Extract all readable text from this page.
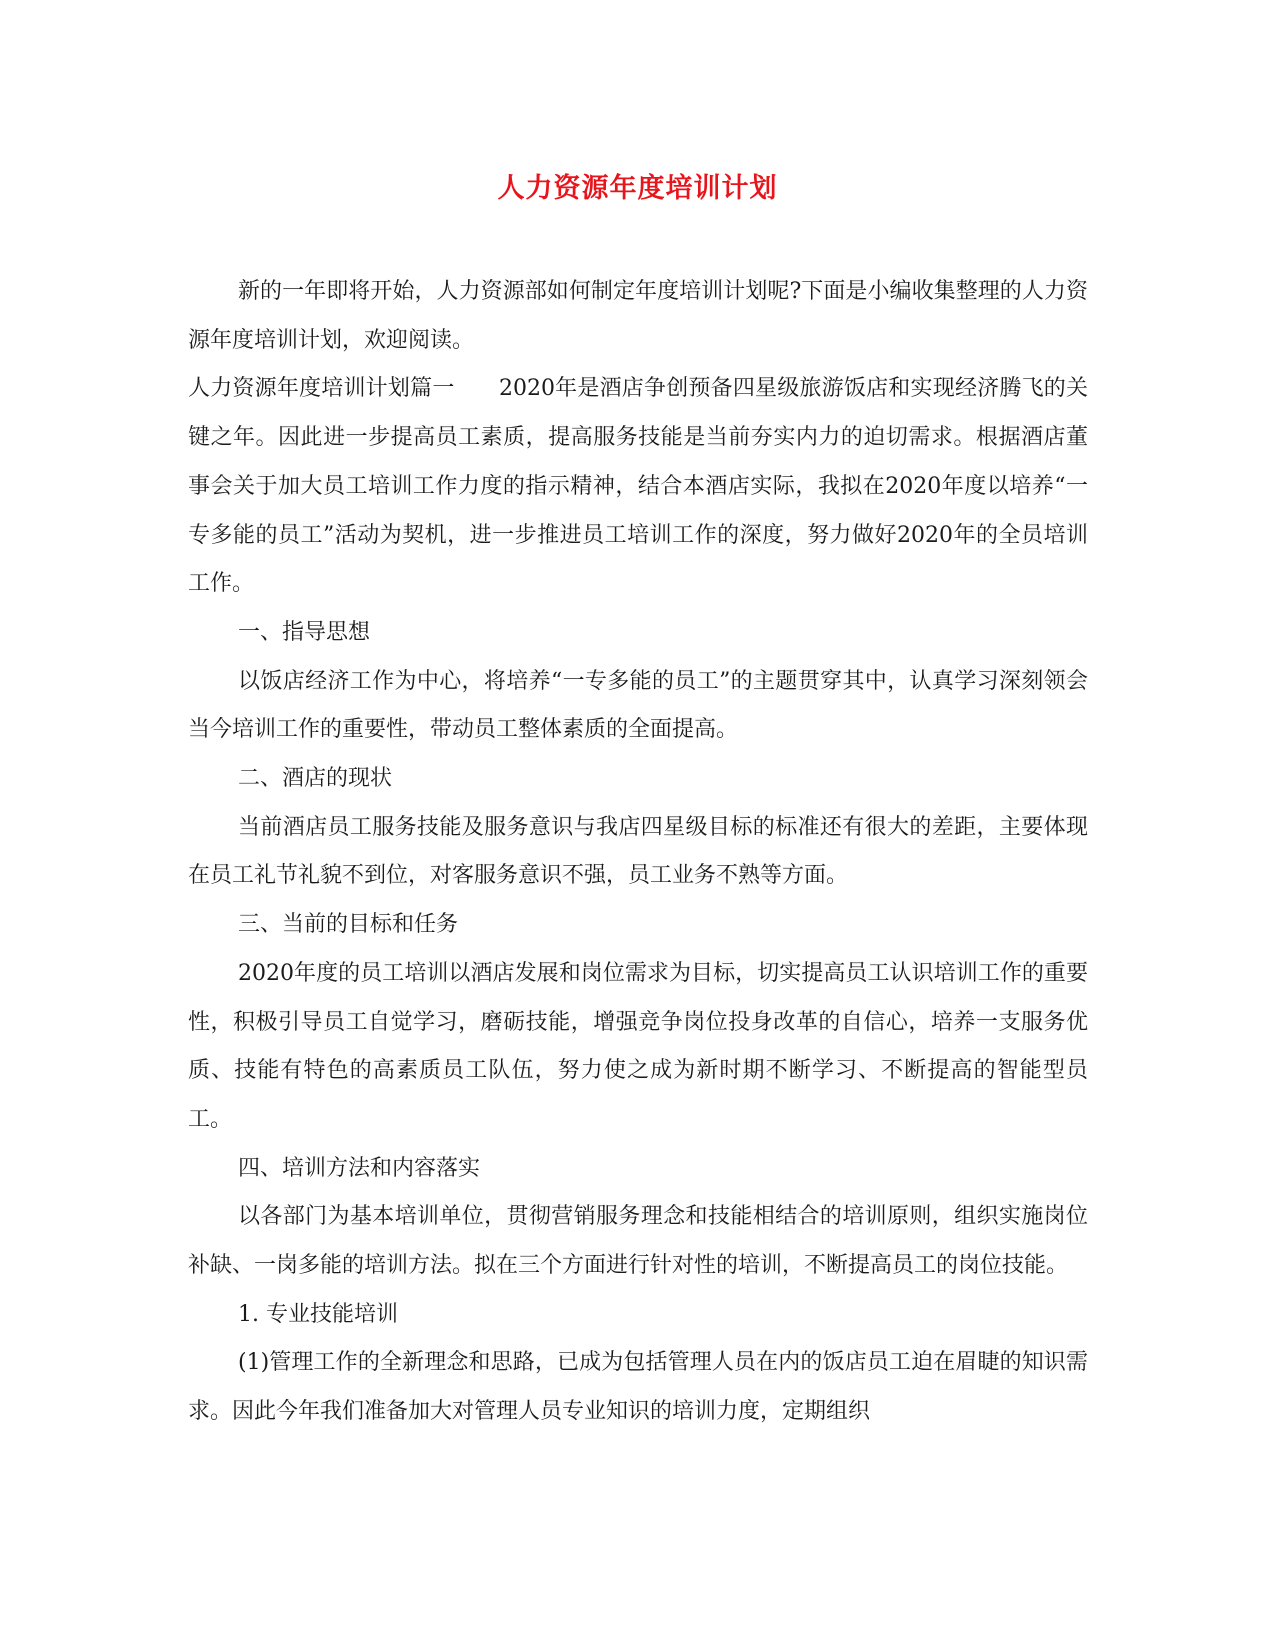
人力资源年度培训计划

新的一年即将开始，人力资源部如何制定年度培训计划呢?下面是小编收集整理的人力资源年度培训计划，欢迎阅读。

人力资源年度培训计划篇一　　2020年是酒店争创预备四星级旅游饭店和实现经济腾飞的关键之年。因此进一步提高员工素质，提高服务技能是当前夯实内力的迫切需求。根据酒店董事会关于加大员工培训工作力度的指示精神，结合本酒店实际，我拟在2020年度以培养“一专多能的员工”活动为契机，进一步推进员工培训工作的深度，努力做好2020年的全员培训工作。

一、指导思想

以饭店经济工作为中心，将培养“一专多能的员工”的主题贯穿其中，认真学习深刻领会当今培训工作的重要性，带动员工整体素质的全面提高。

二、酒店的现状

当前酒店员工服务技能及服务意识与我店四星级目标的标准还有很大的差距，主要体现在员工礼节礼貌不到位，对客服务意识不强，员工业务不熟等方面。

三、当前的目标和任务

2020年度的员工培训以酒店发展和岗位需求为目标，切实提高员工认识培训工作的重要性，积极引导员工自觉学习，磨砺技能，增强竞争岗位投身改革的自信心，培养一支服务优质、技能有特色的高素质员工队伍，努力使之成为新时期不断学习、不断提高的智能型员工。

四、培训方法和内容落实

以各部门为基本培训单位，贯彻营销服务理念和技能相结合的培训原则，组织实施岗位补缺、一岗多能的培训方法。拟在三个方面进行针对性的培训，不断提高员工的岗位技能。

1. 专业技能培训

(1)管理工作的全新理念和思路，已成为包括管理人员在内的饭店员工迫在眉睫的知识需求。因此今年我们准备加大对管理人员专业知识的培训力度，定期组织
